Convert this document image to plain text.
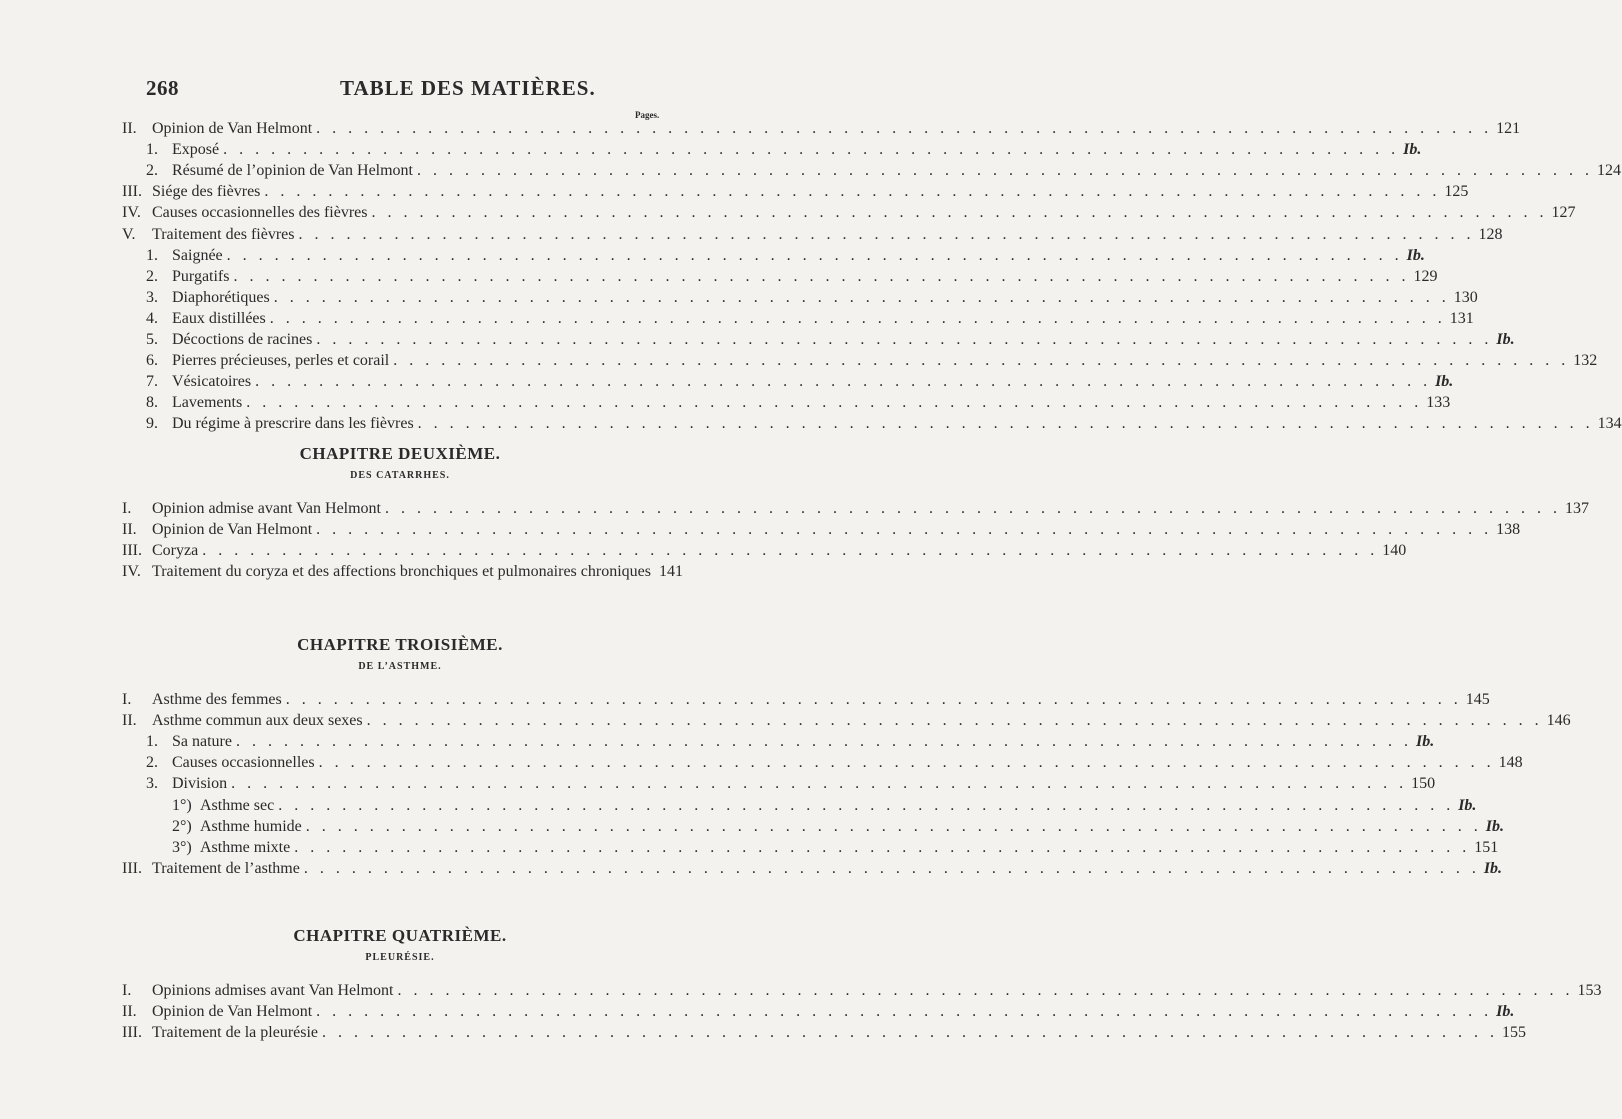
268	TABLE DES MATIÈRES.
Pages.
II. Opinion de Van Helmont . . .	121
1. Exposé . . .	Ib.
2. Résumé de l’opinion de Van Helmont . . .	124
III. Siége des fièvres . . .	125
IV. Causes occasionnelles des fièvres . . .	127
V.	Traitement des fièvres . . .	128
1. Saignée . . .	Ib.
2. Purgatifs . . .	129
3. Diaphorétiques . . .	130
4. Eaux distillées . . .	131
5. Décoctions de racines . . .	Ib.
6. Pierres précieuses, perles et corail . . .	132
7. Vésicatoires . . .	Ib.
8. Lavements . . .	133
9. Du régime à prescrire dans les fièvres . . .	134
I.	Opinion admise avant Van Helmont . . .	137
II. Opinion de Van Helmont . . .	138
III. Coryza . . .	140
IV. Traitement du coryza et des affections bronchiques et pulmonaires chroniques 141
I.	Asthme des femmes . . .	145
II. Asthme commun aux deux sexes . . .	146
1. Sa nature . . .	Ib.
2. Causes occasionnelles . . .	148
3. Division . . .	150
1°) Asthme sec . . .	Ib.
2°) Asthme humide . . .	Ib.
3°) Asthme mixte . . .	151
III. Traitement de l’asthme . . .	Ib.
I.	Opinions admises avant Van Helmont . . .	153
II. Opinion de Van Helmont . . .	Ib.
III. Traitement de la pleurésie . . .	155
CHAPITRE DEUXIÈME.
DES CATARRHES.
CHAPITRE TROISIÈME.
DE L’ASTHME.
CHAPITRE QUATRIÈME.
PLEURÉSIE.
